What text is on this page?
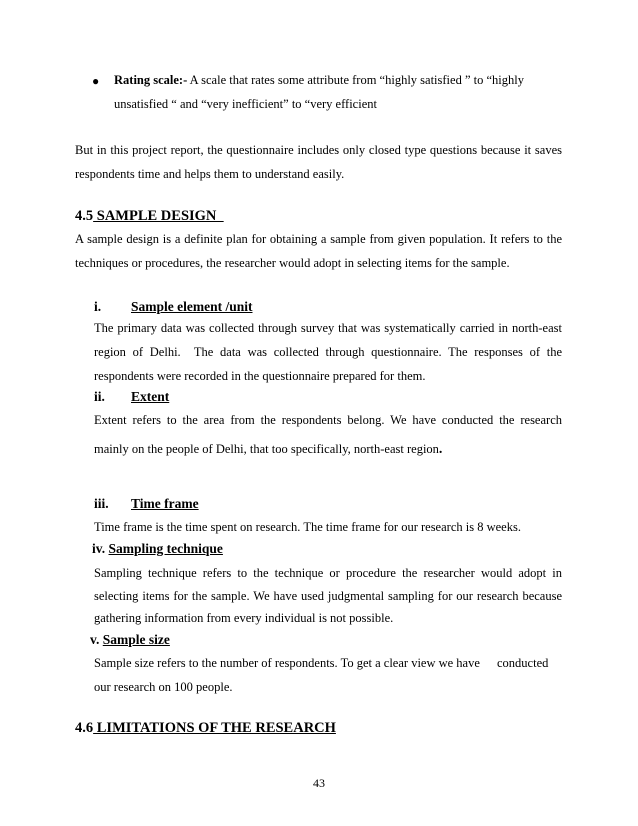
● Rating scale:- A scale that rates some attribute from “highly satisfied ” to “highly
unsatisfied “ and “very inefficient” to “very efficient
But in this project report, the questionnaire includes only closed type questions because it saves
respondents time and helps them to understand easily.
4.5 SAMPLE DESIGN
A sample design is a definite plan for obtaining a sample from given population. It refers to the
techniques or procedures, the researcher would adopt in selecting items for the sample.
i. Sample element /unit
The primary data was collected through survey that was systematically carried in north-east
region  of  Delhi.    The  data  was  collected  through  questionnaire.  The  responses  of  the
respondents were recorded in the questionnaire prepared for them.
ii. Extent
Extent refers to the area from the respondents belong. We have conducted the research
mainly on the people of Delhi, that too specifically, north-east region.
iii. Time frame
Time frame is the time spent on research. The time frame for our research is 8 weeks.
iv. Sampling technique
Sampling technique refers to the technique or procedure the researcher would adopt in
selecting items for the sample. We have used judgmental sampling for our research because
gathering information from every individual is not possible.
v. Sample size
Sample size refers to the number of respondents. To get a clear view we have conducted
our research on 100 people.
4.6 LIMITATIONS OF THE RESEARCH
43
